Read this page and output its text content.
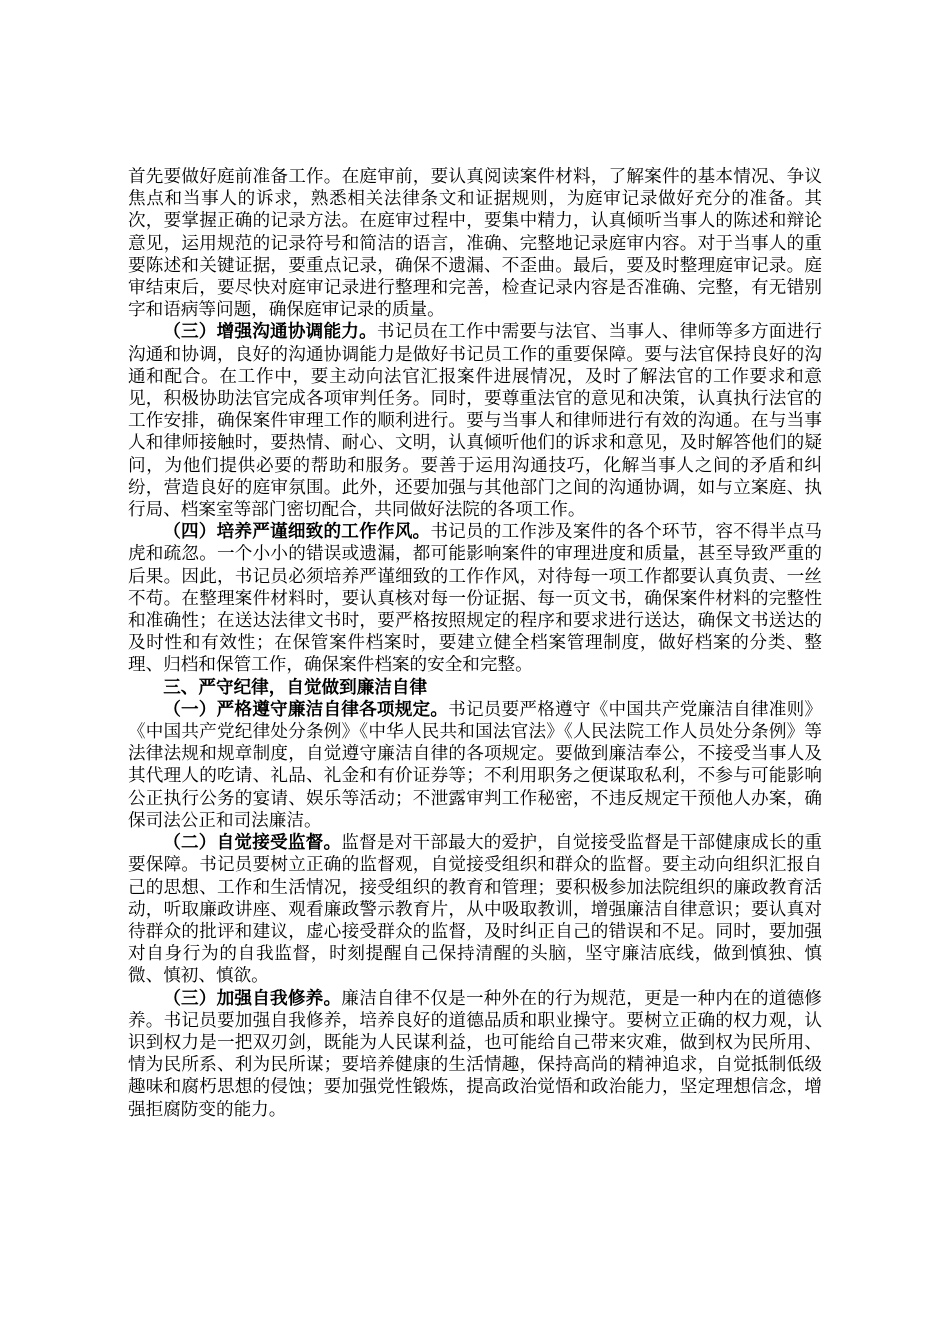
首先要做好庭前准备工作。在庭审前，要认真阅读案件材料，了解案件的基本情况、争议焦点和当事人的诉求，熟悉相关法律条文和证据规则，为庭审记录做好充分的准备。其次，要掌握正确的记录方法。在庭审过程中，要集中精力，认真倾听当事人的陈述和辩论意见，运用规范的记录符号和简洁的语言，准确、完整地记录庭审内容。对于当事人的重要陈述和关键证据，要重点记录，确保不遗漏、不歪曲。最后，要及时整理庭审记录。庭审结束后，要尽快对庭审记录进行整理和完善，检查记录内容是否准确、完整，有无错别字和语病等问题，确保庭审记录的质量。

（三）增强沟通协调能力。书记员在工作中需要与法官、当事人、律师等多方面进行沟通和协调，良好的沟通协调能力是做好书记员工作的重要保障。要与法官保持良好的沟通和配合。在工作中，要主动向法官汇报案件进展情况，及时了解法官的工作要求和意见，积极协助法官完成各项审判任务。同时，要尊重法官的意见和决策，认真执行法官的工作安排，确保案件审理工作的顺利进行。要与当事人和律师进行有效的沟通。在与当事人和律师接触时，要热情、耐心、文明，认真倾听他们的诉求和意见，及时解答他们的疑问，为他们提供必要的帮助和服务。要善于运用沟通技巧，化解当事人之间的矛盾和纠纷，营造良好的庭审氛围。此外，还要加强与其他部门之间的沟通协调，如与立案庭、执行局、档案室等部门密切配合，共同做好法院的各项工作。

（四）培养严谨细致的工作作风。书记员的工作涉及案件的各个环节，容不得半点马虎和疏忽。一个小小的错误或遗漏，都可能影响案件的审理进度和质量，甚至导致严重的后果。因此，书记员必须培养严谨细致的工作作风，对待每一项工作都要认真负责、一丝不苟。在整理案件材料时，要认真核对每一份证据、每一页文书，确保案件材料的完整性和准确性；在送达法律文书时，要严格按照规定的程序和要求进行送达，确保文书送达的及时性和有效性；在保管案件档案时，要建立健全档案管理制度，做好档案的分类、整理、归档和保管工作，确保案件档案的安全和完整。

三、严守纪律，自觉做到廉洁自律

（一）严格遵守廉洁自律各项规定。书记员要严格遵守《中国共产党廉洁自律准则》《中国共产党纪律处分条例》《中华人民共和国法官法》《人民法院工作人员处分条例》等法律法规和规章制度，自觉遵守廉洁自律的各项规定。要做到廉洁奉公，不接受当事人及其代理人的吃请、礼品、礼金和有价证券等；不利用职务之便谋取私利，不参与可能影响公正执行公务的宴请、娱乐等活动；不泄露审判工作秘密，不违反规定干预他人办案，确保司法公正和司法廉洁。

（二）自觉接受监督。监督是对干部最大的爱护，自觉接受监督是干部健康成长的重要保障。书记员要树立正确的监督观，自觉接受组织和群众的监督。要主动向组织汇报自己的思想、工作和生活情况，接受组织的教育和管理；要积极参加法院组织的廉政教育活动，听取廉政讲座、观看廉政警示教育片，从中吸取教训，增强廉洁自律意识；要认真对待群众的批评和建议，虚心接受群众的监督，及时纠正自己的错误和不足。同时，要加强对自身行为的自我监督，时刻提醒自己保持清醒的头脑，坚守廉洁底线，做到慎独、慎微、慎初、慎欲。

（三）加强自我修养。廉洁自律不仅是一种外在的行为规范，更是一种内在的道德修养。书记员要加强自我修养，培养良好的道德品质和职业操守。要树立正确的权力观，认识到权力是一把双刃剑，既能为人民谋利益，也可能给自己带来灾难，做到权为民所用、情为民所系、利为民所谋；要培养健康的生活情趣，保持高尚的精神追求，自觉抵制低级趣味和腐朽思想的侵蚀；要加强党性锻炼，提高政治觉悟和政治能力，坚定理想信念，增强拒腐防变的能力。
